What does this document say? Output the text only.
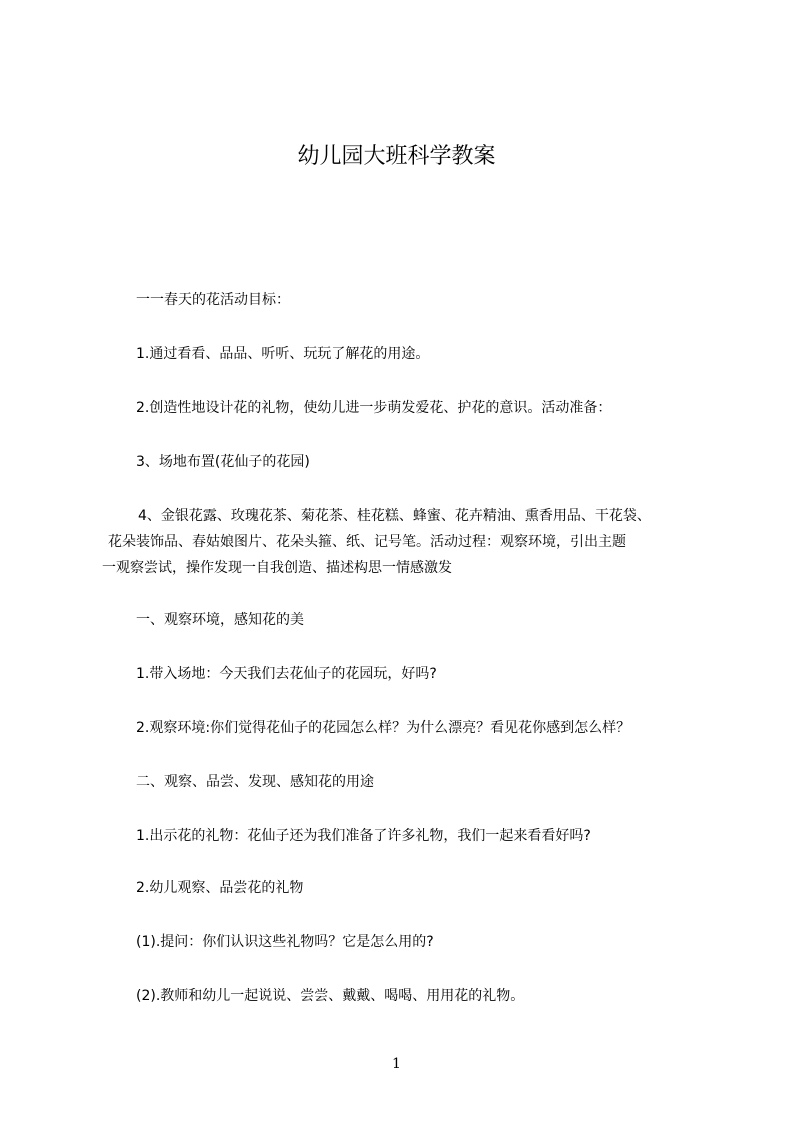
幼儿园大班科学教案
一一春天的花活动目标：
1.通过看看、品品、听听、玩玩了解花的用途。
2.创造性地设计花的礼物，使幼儿进一步萌发爱花、护花的意识。活动准备：
3、场地布置(花仙子的花园)
4、金银花露、玫瑰花茶、菊花茶、桂花糕、蜂蜜、花卉精油、熏香用品、干花袋、
花朵装饰品、春姑娘图片、花朵头箍、纸、记号笔。活动过程：观察环境，引出主题
一观察尝试，操作发现一自我创造、描述构思一情感激发
一、观察环境，感知花的美
1.带入场地：今天我们去花仙子的花园玩，好吗?
2.观察环境:你们觉得花仙子的花园怎么样？为什么漂亮？看见花你感到怎么样？
二、观察、品尝、发现、感知花的用途
1.出示花的礼物：花仙子还为我们准备了许多礼物，我们一起来看看好吗?
2.幼儿观察、品尝花的礼物
(1).提问：你们认识这些礼物吗？它是怎么用的?
(2).教师和幼儿一起说说、尝尝、戴戴、喝喝、用用花的礼物。
1
